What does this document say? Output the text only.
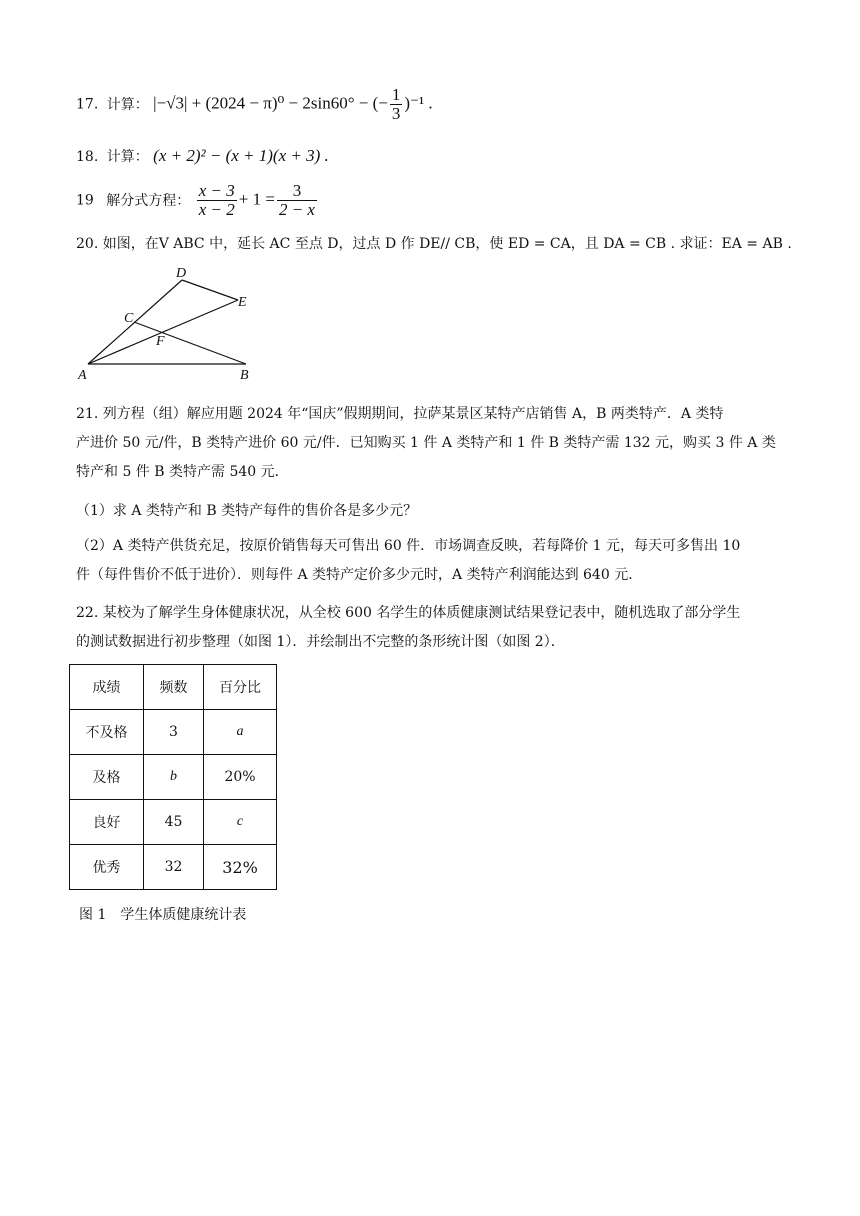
17. 计算： |−√3| + (2024 − π)⁰ − 2sin60° − (− $\frac{1}{3} )^{-1}$ .
18. 计算： (x + 2)² − (x + 1)(x + 3) .
19 解分式方程： $\frac{x - 3}{x - 2} + 1 = \frac{3}{2 - x}$
20. 如图，在V ABC 中，延长 AC 至点 D，过点 D 作 DE// CB，使 ED = CA，且 DA = CB . 求证：EA = AB .
D
E
C
F
A	B
21. 列方程（组）解应用题 2024 年“国庆”假期期间，拉萨某景区某特产店销售 A，B 两类特产．A 类特
产进价 50 元/件，B 类特产进价 60 元/件．已知购买 1 件 A 类特产和 1 件 B 类特产需 132 元，购买 3 件 A 类
特产和 5 件 B 类特产需 540 元．
（1）求 A 类特产和 B 类特产每件的售价各是多少元？
（2）A 类特产供货充足，按原价销售每天可售出 60 件．市场调查反映，若每降价 1 元，每天可多售出 10
件（每件售价不低于进价）．则每件 A 类特产定价多少元时，A 类特产利润能达到 640 元．
22. 某校为了解学生身体健康状况，从全校 600 名学生的体质健康测试结果登记表中，随机选取了部分学生
的测试数据进行初步整理（如图 1）．并绘制出不完整的条形统计图（如图 2）．
成绩	频数	百分比
不及格	3	a
及格	b	20%
良好	45	c
优秀	32	32%
图 1　学生体质健康统计表
